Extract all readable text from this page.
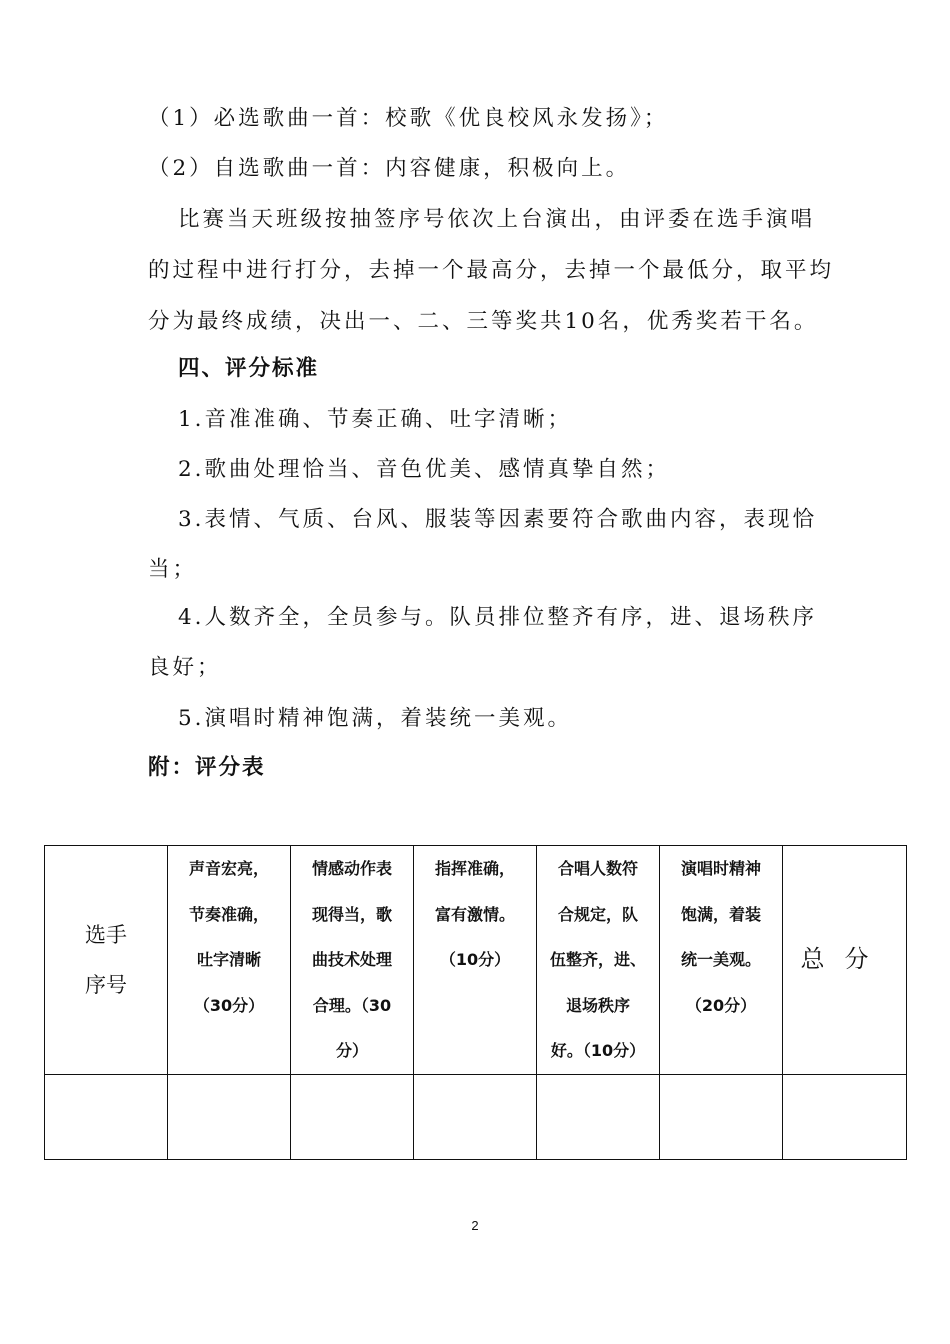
（1）必选歌曲一首：校歌《优良校风永发扬》；
（2）自选歌曲一首：内容健康，积极向上。
比赛当天班级按抽签序号依次上台演出，由评委在选手演唱
的过程中进行打分，去掉一个最高分，去掉一个最低分，取平均
分为最终成绩，决出一、二、三等奖共10名，优秀奖若干名。
四、评分标准
1.音准准确、节奏正确、吐字清晰；
2.歌曲处理恰当、音色优美、感情真挚自然；
3.表情、气质、台风、服装等因素要符合歌曲内容，表现恰
当；
4.人数齐全，全员参与。队员排位整齐有序，进、退场秩序
良好；
5.演唱时精神饱满，着装统一美观。
附：评分表
选手
序号	声音宏亮，
节奏准确，
吐字清晰
（30分）	情感动作表
现得当，歌
曲技术处理
合理。（30
分）	指挥准确，
富有激情。
（10分）	合唱人数符
合规定，队
伍整齐，进、
退场秩序
好。（10分）	演唱时精神
饱满，着装
统一美观。
（20分）	总分

2
